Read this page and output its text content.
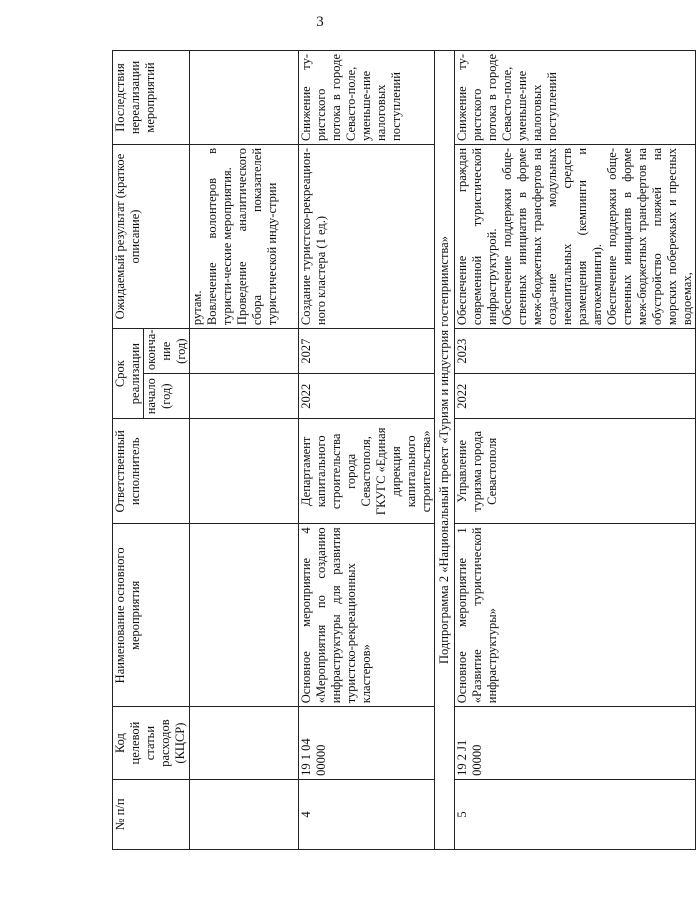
3
№ п/п	Код целевой статьи расходов (КЦСР)	Наименование основного мероприятия	Ответственный исполнитель	Срок реализации		Ожидаемый результат (краткое описание)	Последствия нереализации мероприятий
				начало (год)	оконча-ние (год)		
						рутам.
Вовлечение волонтеров в туристи-ческие мероприятия.
Проведение аналитического сбора показателей туристической инду-стрии	
4	19 1 04 00000	Основное мероприятие 4 «Мероприятия по созданию инфраструктуры для развития туристско-рекреационных кластеров»	Департамент капитального строительства города Севастополя, ГКУГС «Единая дирекция капитального строительства»	2022	2027	Создание туристско-рекреацион-ного кластера (1 ед.)	Снижение ту-ристского потока в городе Севасто-поле, уменьше-ние налоговых поступлений
Подпрограмма 2 «Национальный проект «Туризм и индустрия гостеприимства»							
5	19 2 J1 00000	Основное мероприятие 1 «Развитие туристической инфраструктуры»	Управление туризма города Севастополя	2022	2023	Обеспечение граждан современной туристической инфраструктурой.
Обеспечение поддержки обще-ственных инициатив в форме меж-бюджетных трансфертов на созда-ние модульных некапитальных средств размещения (кемпинги и автокемпинги).
Обеспечение поддержки обще-ственных инициатив в форме меж-бюджетных трансфертов на обустройство пляжей на морских побережьях и пресных водоемах,	Снижение ту-ристского потока в городе Севасто-поле, уменьше-ние налоговых поступлений
